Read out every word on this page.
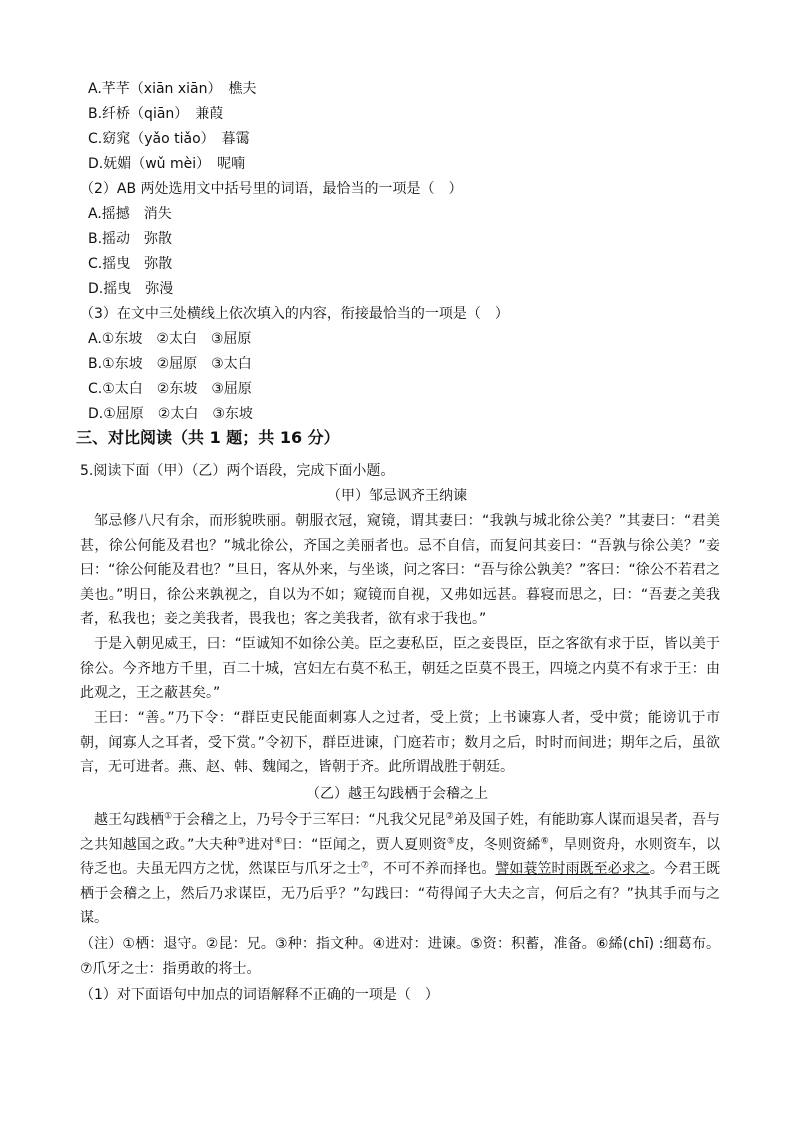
A.芊芊（xiān xiān）　樵夫
B.纤桥（qiān）　兼葭
C.窈窕（yǎo tiǎo）　暮霭
D.妩媚（wǔ mèi）　呢喃
（2）AB 两处选用文中括号里的词语，最恰当的一项是（　）
A.摇撼　消失
B.摇动　弥散
C.摇曳　弥散
D.摇曳　弥漫
（3）在文中三处横线上依次填入的内容，衔接最恰当的一项是（　）
A.①东坡　②太白　③屈原
B.①东坡　②屈原　③太白
C.①太白　②东坡　③屈原
D.①屈原　②太白　③东坡
三、对比阅读（共 1 题；共 16 分）
5.阅读下面（甲）（乙）两个语段，完成下面小题。
（甲）邹忌讽齐王纳谏
邹忌修八尺有余，而形貌昳丽。朝服衣冠，窥镜，谓其妻曰：“我孰与城北徐公美？”其妻曰：“君美甚，徐公何能及君也？”城北徐公，齐国之美丽者也。忌不自信，而复问其妾曰：“吾孰与徐公美？”妾曰：“徐公何能及君也？”旦日，客从外来，与坐谈，问之客曰：“吾与徐公孰美？”客曰：“徐公不若君之美也。”明日，徐公来孰视之，自以为不如；窥镜而自视，又弗如远甚。暮寝而思之，曰：“吾妻之美我者，私我也；妾之美我者，畏我也；客之美我者，欲有求于我也。”
于是入朝见威王，曰：“臣诚知不如徐公美。臣之妻私臣，臣之妾畏臣，臣之客欲有求于臣，皆以美于徐公。今齐地方千里，百二十城，宫妇左右莫不私王，朝廷之臣莫不畏王，四境之内莫不有求于王：由此观之，王之蔽甚矣。”
王曰：“善。”乃下令：“群臣吏民能面刺寡人之过者，受上赏；上书谏寡人者，受中赏；能谤讥于市朝，闻寡人之耳者，受下赏。”令初下，群臣进谏，门庭若市；数月之后，时时而间进；期年之后，虽欲言，无可进者。燕、赵、韩、魏闻之，皆朝于齐。此所谓战胜于朝廷。
（乙）越王勾践栖于会稽之上
越王勾践栖①于会稽之上，乃号令于三军曰：“凡我父兄昆②弟及国子姓，有能助寡人谋而退吴者，吾与之共知越国之政。”大夫种③进对④曰：“臣闻之，贾人夏则资⑤皮，冬则资絺⑥，旱则资舟，水则资车，以待乏也。夫虽无四方之忧，然谋臣与爪牙之士⑦，不可不养而择也。譬如蓑笠时雨既至必求之。今君王既栖于会稽之上，然后乃求谋臣，无乃后乎？”勾践曰：“苟得闻子大夫之言，何后之有？”执其手而与之谋。
（注）①栖：退守。②昆：兄。③种：指文种。④进对：进谏。⑤资：积蓄，准备。⑥絺(chī) :细葛布。⑦爪牙之士：指勇敢的将士。
（1）对下面语句中加点的词语解释不正确的一项是（　）
